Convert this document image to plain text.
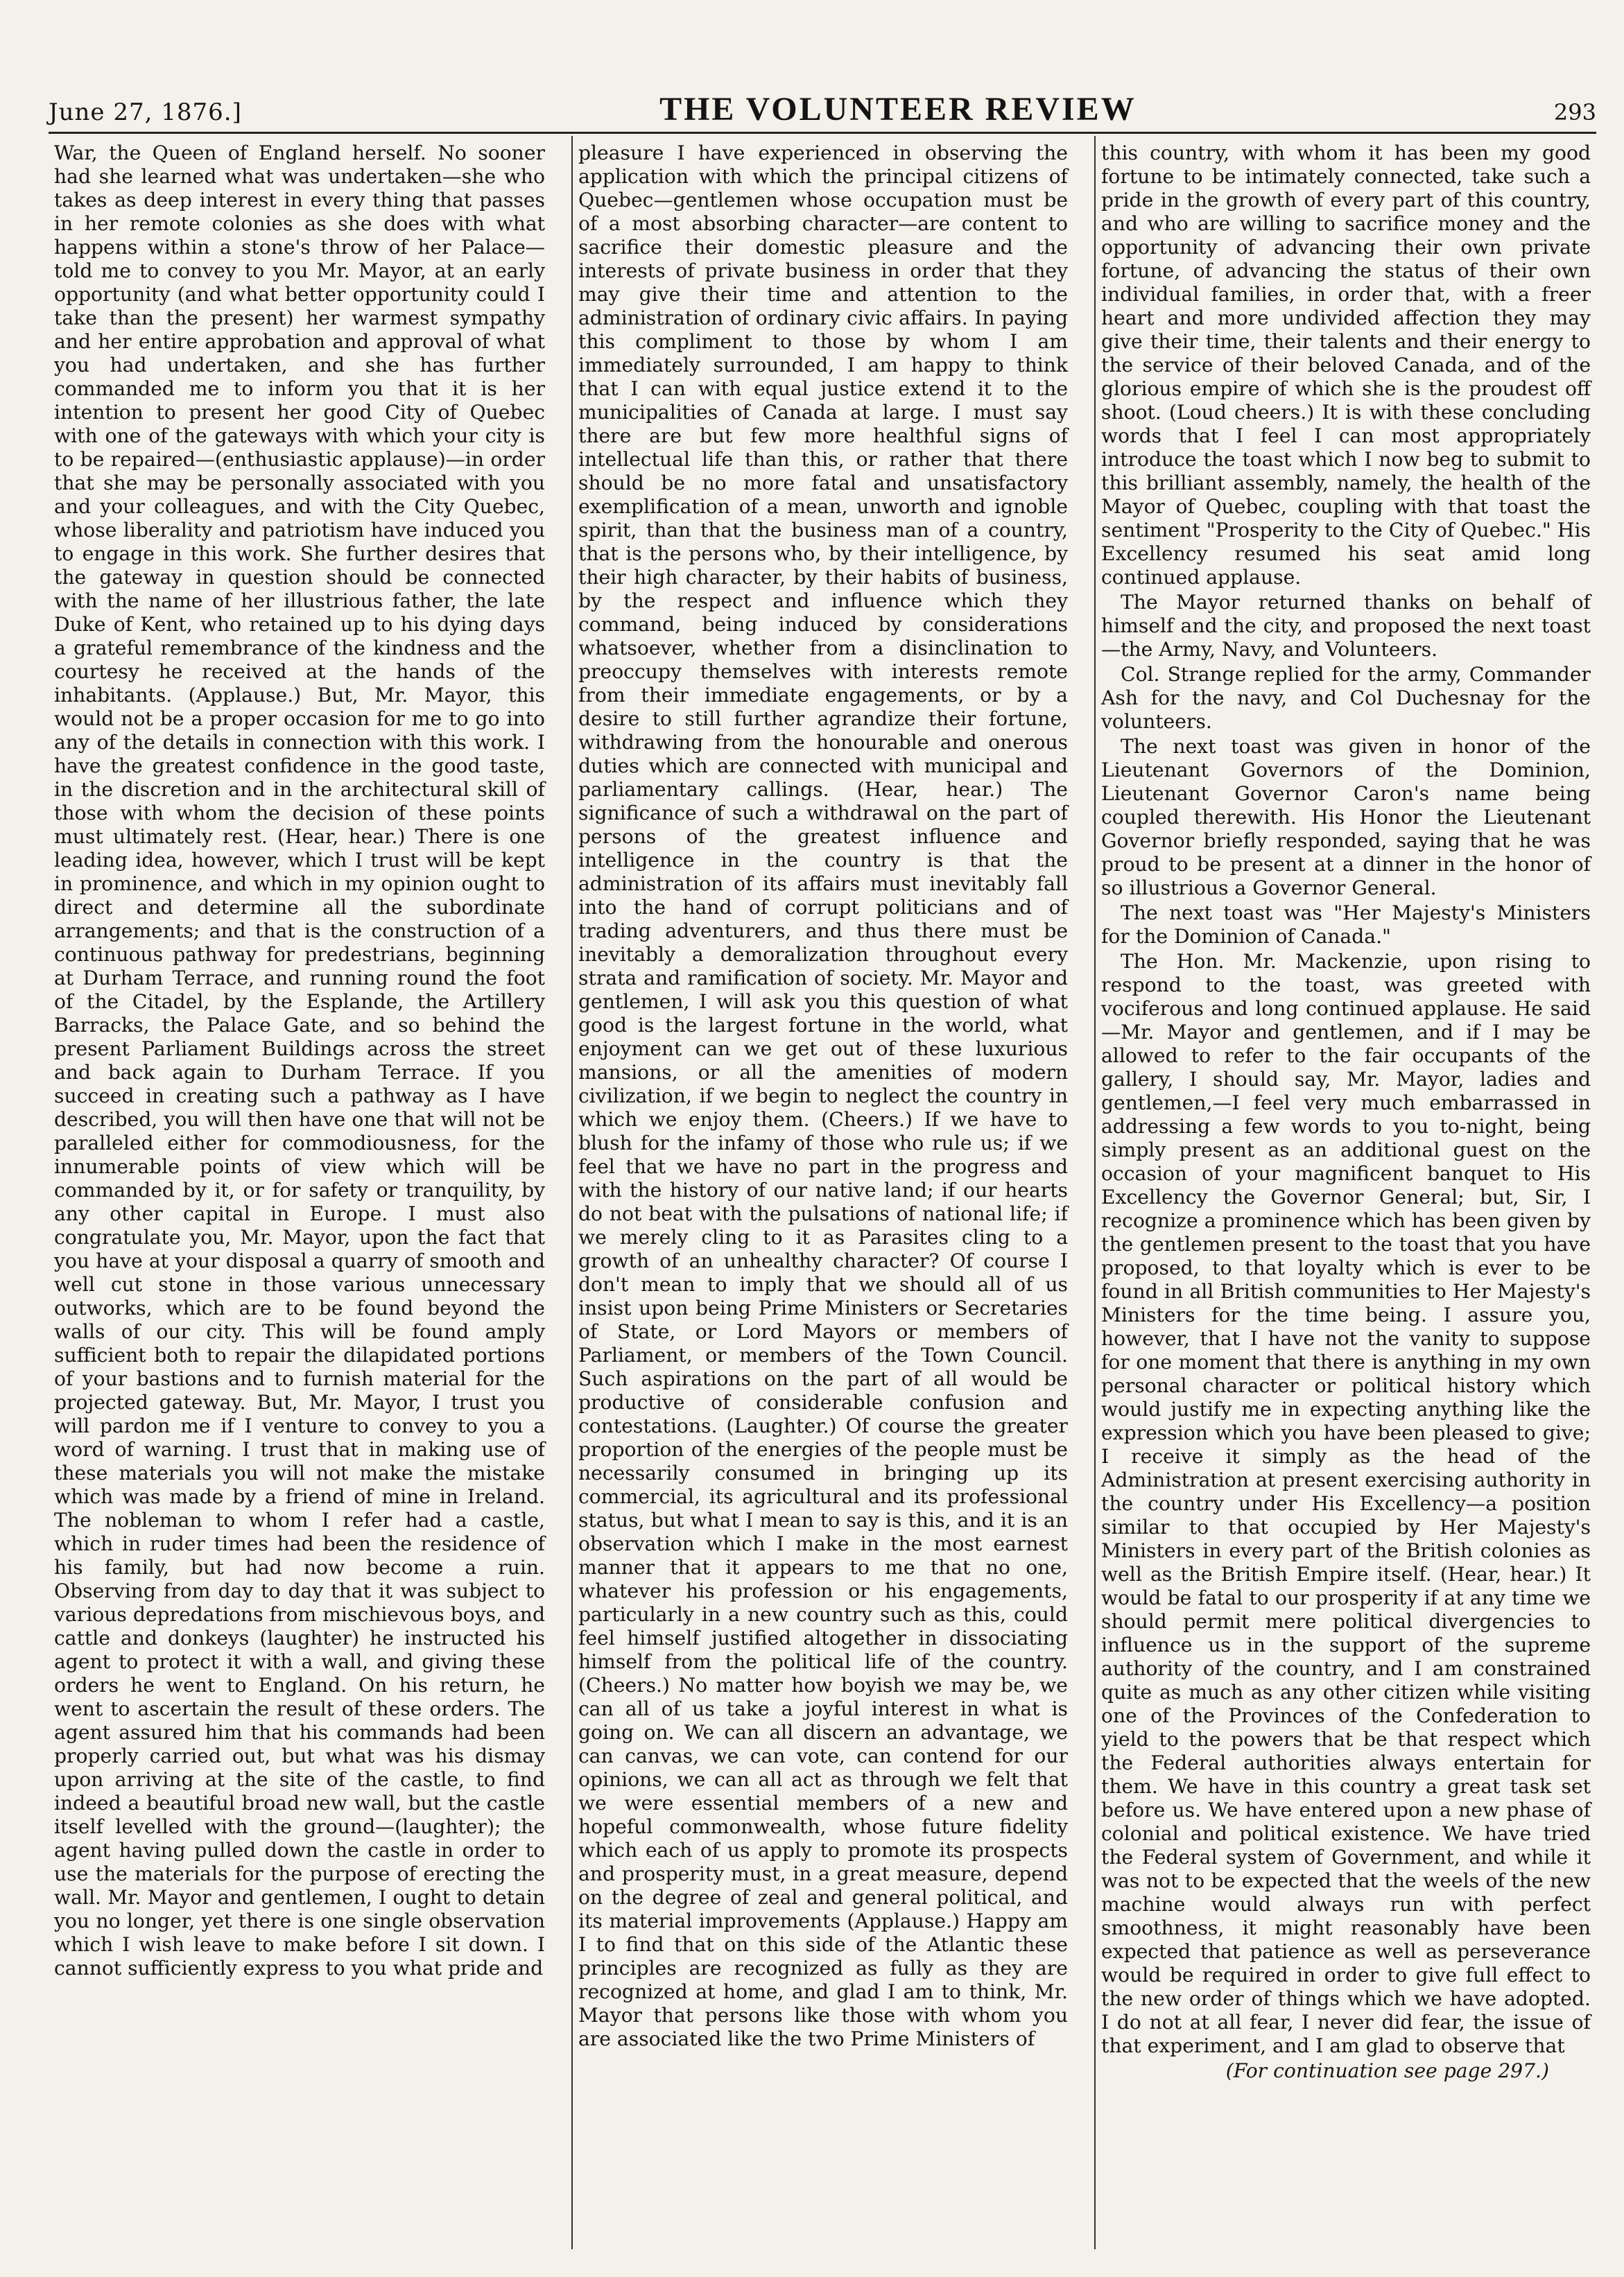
June 27, 1876.]	THE VOLUNTEER REVIEW	293

War, the Queen of England herself. No sooner had she learned what was undertaken—she who takes as deep interest in every thing that passes in her remote colonies as she does with what happens within a stone's throw of her Palace—told me to convey to you Mr. Mayor, at an early opportunity (and what better opportunity could I take than the present) her warmest sympathy and her entire approbation and approval of what you had undertaken, and she has further commanded me to inform you that it is her intention to present her good City of Quebec with one of the gateways with which your city is to be repaired—(enthusiastic applause)—in order that she may be personally associated with you and your colleagues, and with the City Quebec, whose liberality and patriotism have induced you to engage in this work. She further desires that the gateway in question should be connected with the name of her illustrious father, the late Duke of Kent, who retained up to his dying days a grateful remembrance of the kindness and the courtesy he received at the hands of the inhabitants. (Applause.) But, Mr. Mayor, this would not be a proper occasion for me to go into any of the details in connection with this work. I have the greatest confidence in the good taste, in the discretion and in the architectural skill of those with whom the decision of these points must ultimately rest. (Hear, hear.) There is one leading idea, however, which I trust will be kept in prominence, and which in my opinion ought to direct and determine all the subordinate arrangements; and that is the construction of a continuous pathway for predestrians, beginning at Durham Terrace, and running round the foot of the Citadel, by the Esplande, the Artillery Barracks, the Palace Gate, and so behind the present Parliament Buildings across the street and back again to Durham Terrace. If you succeed in creating such a pathway as I have described, you will then have one that will not be paralleled either for commodiousness, for the innumerable points of view which will be commanded by it, or for safety or tranquility, by any other capital in Europe. I must also congratulate you, Mr. Mayor, upon the fact that you have at your disposal a quarry of smooth and well cut stone in those various unnecessary outworks, which are to be found beyond the walls of our city. This will be found amply sufficient both to repair the dilapidated portions of your bastions and to furnish material for the projected gateway. But, Mr. Mayor, I trust you will pardon me if I venture to convey to you a word of warning. I trust that in making use of these materials you will not make the mistake which was made by a friend of mine in Ireland. The nobleman to whom I refer had a castle, which in ruder times had been the residence of his family, but had now become a ruin. Observing from day to day that it was subject to various depredations from mischievous boys, and cattle and donkeys (laughter) he instructed his agent to protect it with a wall, and giving these orders he went to England. On his return, he went to ascertain the result of these orders. The agent assured him that his commands had been properly carried out, but what was his dismay upon arriving at the site of the castle, to find indeed a beautiful broad new wall, but the castle itself levelled with the ground—(laughter); the agent having pulled down the castle in order to use the materials for the purpose of erecting the wall. Mr. Mayor and gentlemen, I ought to detain you no longer, yet there is one single observation which I wish leave to make before I sit down. I cannot sufficiently express to you what pride and

pleasure I have experienced in observing the application with which the principal citizens of Quebec—gentlemen whose occupation must be of a most absorbing character—are content to sacrifice their domestic pleasure and the interests of private business in order that they may give their time and attention to the administration of ordinary civic affairs. In paying this compliment to those by whom I am immediately surrounded, I am happy to think that I can with equal justice extend it to the municipalities of Canada at large. I must say there are but few more healthful signs of intellectual life than this, or rather that there should be no more fatal and unsatisfactory exemplification of a mean, unworth and ignoble spirit, than that the business man of a country, that is the persons who, by their intelligence, by their high character, by their habits of business, by the respect and influence which they command, being induced by considerations whatsoever, whether from a disinclination to preoccupy themselves with interests remote from their immediate engagements, or by a desire to still further agrandize their fortune, withdrawing from the honourable and onerous duties which are connected with municipal and parliamentary callings. (Hear, hear.) The significance of such a withdrawal on the part of persons of the greatest influence and intelligence in the country is that the administration of its affairs must inevitably fall into the hand of corrupt politicians and of trading adventurers, and thus there must be inevitably a demoralization throughout every strata and ramification of society. Mr. Mayor and gentlemen, I will ask you this question of what good is the largest fortune in the world, what enjoyment can we get out of these luxurious mansions, or all the amenities of modern civilization, if we begin to neglect the country in which we enjoy them. (Cheers.) If we have to blush for the infamy of those who rule us; if we feel that we have no part in the progress and with the history of our native land; if our hearts do not beat with the pulsations of national life; if we merely cling to it as Parasites cling to a growth of an unhealthy character? Of course I don't mean to imply that we should all of us insist upon being Prime Ministers or Secretaries of State, or Lord Mayors or members of Parliament, or members of the Town Council. Such aspirations on the part of all would be productive of considerable confusion and contestations. (Laughter.) Of course the greater proportion of the energies of the people must be necessarily consumed in bringing up its commercial, its agricultural and its professional status, but what I mean to say is this, and it is an observation which I make in the most earnest manner that it appears to me that no one, whatever his profession or his engagements, particularly in a new country such as this, could feel himself justified altogether in dissociating himself from the political life of the country. (Cheers.) No matter how boyish we may be, we can all of us take a joyful interest in what is going on. We can all discern an advantage, we can canvas, we can vote, can contend for our opinions, we can all act as through we felt that we were essential members of a new and hopeful commonwealth, whose future fidelity which each of us apply to promote its prospects and prosperity must, in a great measure, depend on the degree of zeal and general political, and its material improvements (Applause.) Happy am I to find that on this side of the Atlantic these principles are recognized as fully as they are recognized at home, and glad I am to think, Mr. Mayor that persons like those with whom you are associated like the two Prime Ministers of

this country, with whom it has been my good fortune to be intimately connected, take such a pride in the growth of every part of this country, and who are willing to sacrifice money and the opportunity of advancing their own private fortune, of advancing the status of their own individual families, in order that, with a freer heart and more undivided affection they may give their time, their talents and their energy to the service of their beloved Canada, and of the glorious empire of which she is the proudest off shoot. (Loud cheers.) It is with these concluding words that I feel I can most appropriately introduce the toast which I now beg to submit to this brilliant assembly, namely, the health of the Mayor of Quebec, coupling with that toast the sentiment "Prosperity to the City of Quebec." His Excellency resumed his seat amid long continued applause.

The Mayor returned thanks on behalf of himself and the city, and proposed the next toast—the Army, Navy, and Volunteers.

Col. Strange replied for the army, Commander Ash for the navy, and Col Duchesnay for the volunteers.

The next toast was given in honor of the Lieutenant Governors of the Dominion, Lieutenant Governor Caron's name being coupled therewith. His Honor the Lieutenant Governor briefly responded, saying that he was proud to be present at a dinner in the honor of so illustrious a Governor General.

The next toast was "Her Majesty's Ministers for the Dominion of Canada."

The Hon. Mr. Mackenzie, upon rising to respond to the toast, was greeted with vociferous and long continued applause. He said—Mr. Mayor and gentlemen, and if I may be allowed to refer to the fair occupants of the gallery, I should say, Mr. Mayor, ladies and gentlemen,—I feel very much embarrassed in addressing a few words to you to-night, being simply present as an additional guest on the occasion of your magnificent banquet to His Excellency the Governor General; but, Sir, I recognize a prominence which has been given by the gentlemen present to the toast that you have proposed, to that loyalty which is ever to be found in all British communities to Her Majesty's Ministers for the time being. I assure you, however, that I have not the vanity to suppose for one moment that there is anything in my own personal character or political history which would justify me in expecting anything like the expression which you have been pleased to give; I receive it simply as the head of the Administration at present exercising authority in the country under His Excellency—a position similar to that occupied by Her Majesty's Ministers in every part of the British colonies as well as the British Empire itself. (Hear, hear.) It would be fatal to our prosperity if at any time we should permit mere political divergencies to influence us in the support of the supreme authority of the country, and I am constrained quite as much as any other citizen while visiting one of the Provinces of the Confederation to yield to the powers that be that respect which the Federal authorities always entertain for them. We have in this country a great task set before us. We have entered upon a new phase of colonial and political existence. We have tried the Federal system of Government, and while it was not to be expected that the weels of the new machine would always run with perfect smoothness, it might reasonably have been expected that patience as well as perseverance would be required in order to give full effect to the new order of things which we have adopted. I do not at all fear, I never did fear, the issue of that experiment, and I am glad to observe that

(For continuation see page 297.)
